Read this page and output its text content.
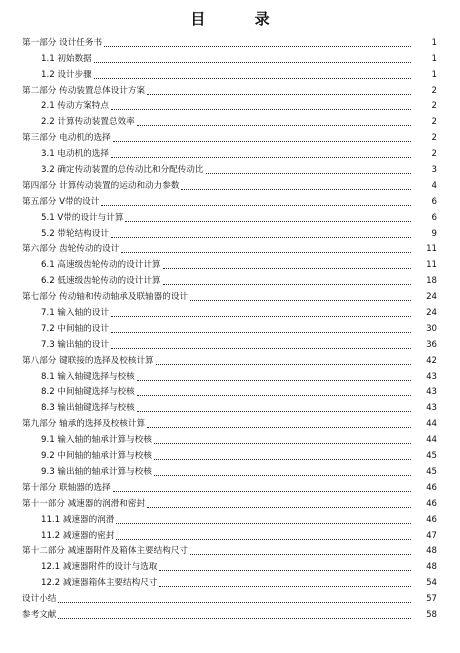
目 录
第一部分 设计任务书	1
1.1 初始数据	1
1.2 设计步骤	1
第二部分 传动装置总体设计方案	2
2.1 传动方案特点	2
2.2 计算传动装置总效率	2
第三部分 电动机的选择	2
3.1 电动机的选择	2
3.2 确定传动装置的总传动比和分配传动比	3
第四部分 计算传动装置的运动和动力参数	4
第五部分 V带的设计	6
5.1 V带的设计与计算	6
5.2 带轮结构设计	9
第六部分 齿轮传动的设计	11
6.1 高速级齿轮传动的设计计算	11
6.2 低速级齿轮传动的设计计算	18
第七部分 传动轴和传动轴承及联轴器的设计	24
7.1 输入轴的设计	24
7.2 中间轴的设计	30
7.3 输出轴的设计	36
第八部分 键联接的选择及校核计算	42
8.1 输入轴键选择与校核	43
8.2 中间轴键选择与校核	43
8.3 输出轴键选择与校核	43
第九部分 轴承的选择及校核计算	44
9.1 输入轴的轴承计算与校核	44
9.2 中间轴的轴承计算与校核	45
9.3 输出轴的轴承计算与校核	45
第十部分 联轴器的选择	46
第十一部分 减速器的润滑和密封	46
11.1 减速器的润滑	46
11.2 减速器的密封	47
第十二部分 减速器附件及箱体主要结构尺寸	48
12.1 减速器附件的设计与选取	48
12.2 减速器箱体主要结构尺寸	54
设计小结	57
参考文献	58
